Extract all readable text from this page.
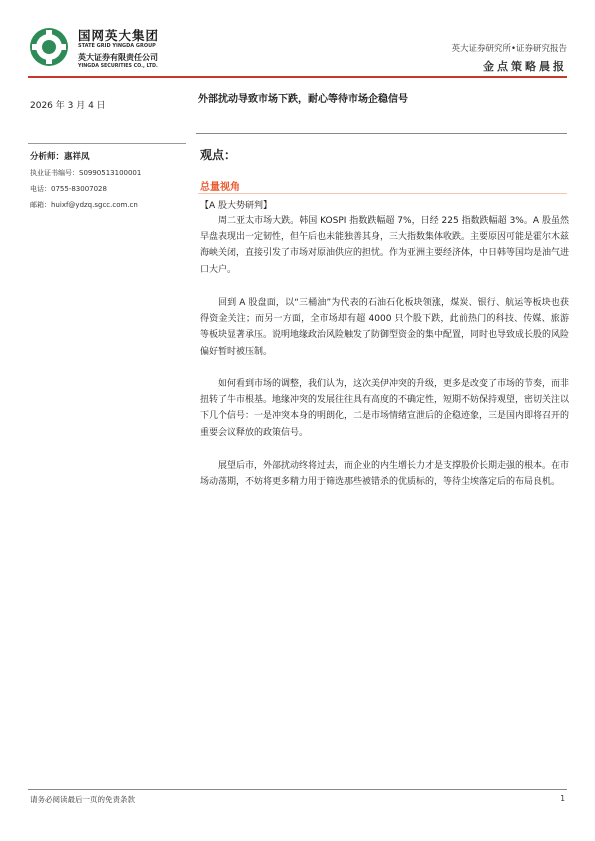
国网英大集团
STATE GRID YINGDA GROUP
英大证券有限责任公司
YINGDA SECURITIES CO., LTD.
英大证券研究所•证券研究报告
金点策略晨报
2026 年 3 月 4 日
外部扰动导致市场下跌，耐心等待市场企稳信号
分析师：惠祥凤
执业证书编号：S0990513100001
电话：0755-83007028
邮箱：huixf@ydzq.sgcc.com.cn
观点：
总量视角
【A 股大势研判】

周二亚太市场大跌。韩国 KOSPI 指数跌幅超 7%，日经 225 指数跌幅超 3%。A 股虽然早盘表现出一定韧性，但午后也未能独善其身，三大指数集体收跌。主要原因可能是霍尔木兹海峡关闭，直接引发了市场对原油供应的担忧。作为亚洲主要经济体，中日韩等国均是油气进口大户。

回到 A 股盘面，以“三桶油”为代表的石油石化板块领涨，煤炭、银行、航运等板块也获得资金关注；而另一方面，全市场却有超 4000 只个股下跌，此前热门的科技、传媒、旅游等板块显著承压。说明地缘政治风险触发了防御型资金的集中配置，同时也导致成长股的风险偏好暂时被压制。

如何看到市场的调整，我们认为，这次美伊冲突的升级，更多是改变了市场的节奏，而非扭转了牛市根基。地缘冲突的发展往往具有高度的不确定性，短期不妨保持观望，密切关注以下几个信号：一是冲突本身的明朗化，二是市场情绪宣泄后的企稳迹象，三是国内即将召开的重要会议释放的政策信号。

展望后市，外部扰动终将过去，而企业的内生增长力才是支撑股价长期走强的根本。在市场动荡期，不妨将更多精力用于筛选那些被错杀的优质标的，等待尘埃落定后的布局良机。

请务必阅读最后一页的免责条款	1
